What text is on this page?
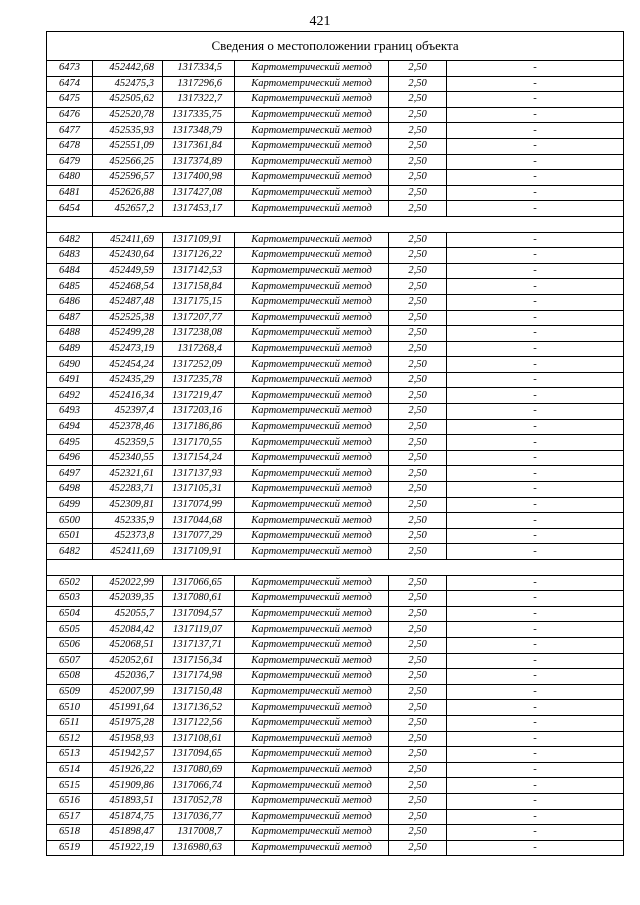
421
Сведения о местоположении границ объекта					
6473	452442,68	1317334,5	Картометрический метод	2,50	-
6474	452475,3	1317296,6	Картометрический метод	2,50	-
6475	452505,62	1317322,7	Картометрический метод	2,50	-
6476	452520,78	1317335,75	Картометрический метод	2,50	-
6477	452535,93	1317348,79	Картометрический метод	2,50	-
6478	452551,09	1317361,84	Картометрический метод	2,50	-
6479	452566,25	1317374,89	Картометрический метод	2,50	-
6480	452596,57	1317400,98	Картометрический метод	2,50	-
6481	452626,88	1317427,08	Картометрический метод	2,50	-
6454	452657,2	1317453,17	Картометрический метод	2,50	-

6482	452411,69	1317109,91	Картометрический метод	2,50	-
6483	452430,64	1317126,22	Картометрический метод	2,50	-
6484	452449,59	1317142,53	Картометрический метод	2,50	-
6485	452468,54	1317158,84	Картометрический метод	2,50	-
6486	452487,48	1317175,15	Картометрический метод	2,50	-
6487	452525,38	1317207,77	Картометрический метод	2,50	-
6488	452499,28	1317238,08	Картометрический метод	2,50	-
6489	452473,19	1317268,4	Картометрический метод	2,50	-
6490	452454,24	1317252,09	Картометрический метод	2,50	-
6491	452435,29	1317235,78	Картометрический метод	2,50	-
6492	452416,34	1317219,47	Картометрический метод	2,50	-
6493	452397,4	1317203,16	Картометрический метод	2,50	-
6494	452378,46	1317186,86	Картометрический метод	2,50	-
6495	452359,5	1317170,55	Картометрический метод	2,50	-
6496	452340,55	1317154,24	Картометрический метод	2,50	-
6497	452321,61	1317137,93	Картометрический метод	2,50	-
6498	452283,71	1317105,31	Картометрический метод	2,50	-
6499	452309,81	1317074,99	Картометрический метод	2,50	-
6500	452335,9	1317044,68	Картометрический метод	2,50	-
6501	452373,8	1317077,29	Картометрический метод	2,50	-
6482	452411,69	1317109,91	Картометрический метод	2,50	-

6502	452022,99	1317066,65	Картометрический метод	2,50	-
6503	452039,35	1317080,61	Картометрический метод	2,50	-
6504	452055,7	1317094,57	Картометрический метод	2,50	-
6505	452084,42	1317119,07	Картометрический метод	2,50	-
6506	452068,51	1317137,71	Картометрический метод	2,50	-
6507	452052,61	1317156,34	Картометрический метод	2,50	-
6508	452036,7	1317174,98	Картометрический метод	2,50	-
6509	452007,99	1317150,48	Картометрический метод	2,50	-
6510	451991,64	1317136,52	Картометрический метод	2,50	-
6511	451975,28	1317122,56	Картометрический метод	2,50	-
6512	451958,93	1317108,61	Картометрический метод	2,50	-
6513	451942,57	1317094,65	Картометрический метод	2,50	-
6514	451926,22	1317080,69	Картометрический метод	2,50	-
6515	451909,86	1317066,74	Картометрический метод	2,50	-
6516	451893,51	1317052,78	Картометрический метод	2,50	-
6517	451874,75	1317036,77	Картометрический метод	2,50	-
6518	451898,47	1317008,7	Картометрический метод	2,50	-
6519	451922,19	1316980,63	Картометрический метод	2,50	-
